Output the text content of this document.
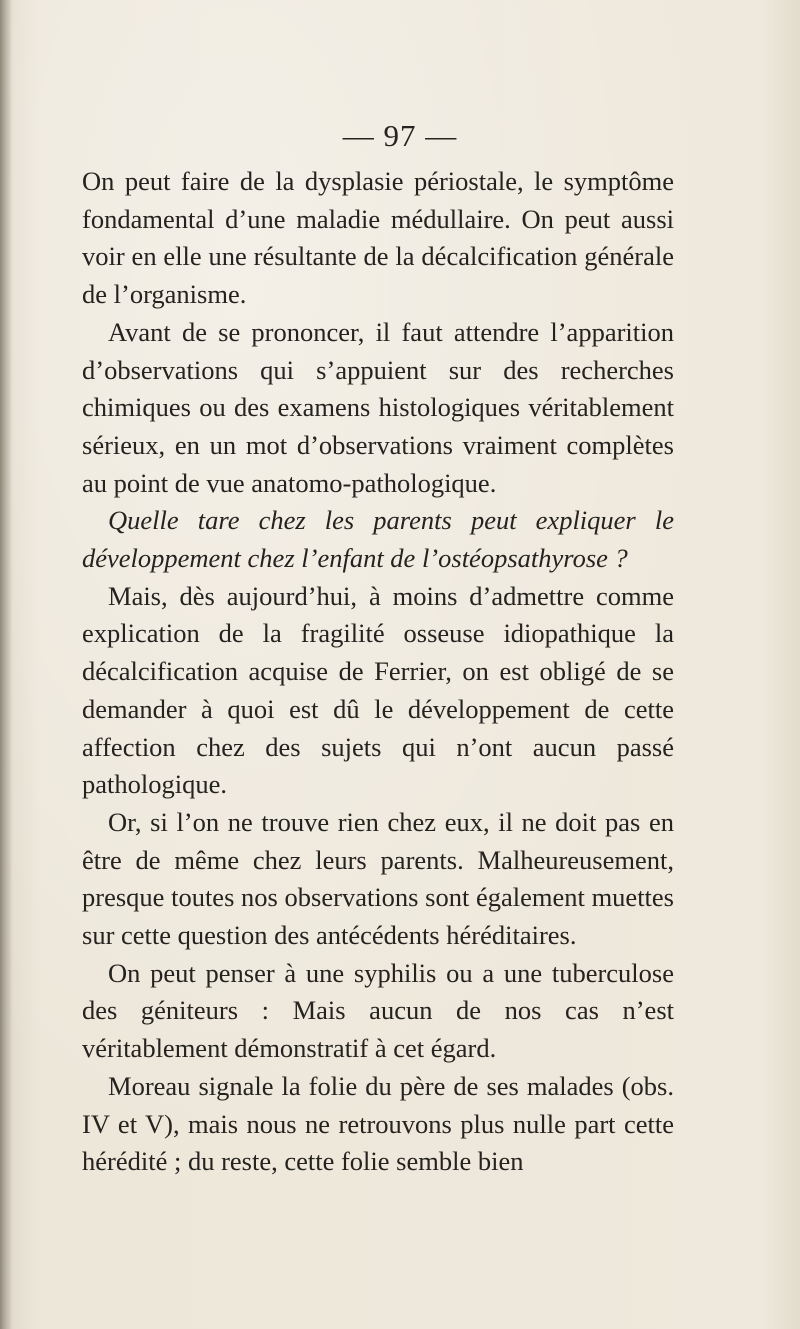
— 97 —

On peut faire de la dysplasie périostale, le symptôme fondamental d’une maladie médullaire. On peut aussi voir en elle une résultante de la décalcification générale de l’organisme.

Avant de se prononcer, il faut attendre l’apparition d’observations qui s’appuient sur des recherches chimiques ou des examens histologiques véritablement sérieux, en un mot d’observations vraiment complètes au point de vue anatomo-pathologique.

Quelle tare chez les parents peut expliquer le développement chez l’enfant de l’ostéopsathyrose ?

Mais, dès aujourd’hui, à moins d’admettre comme explication de la fragilité osseuse idiopathique la décalcification acquise de Ferrier, on est obligé de se demander à quoi est dû le développement de cette affection chez des sujets qui n’ont aucun passé pathologique.

Or, si l’on ne trouve rien chez eux, il ne doit pas en être de même chez leurs parents. Malheureusement, presque toutes nos observations sont également muettes sur cette question des antécédents héréditaires.

On peut penser à une syphilis ou a une tuberculose des géniteurs : Mais aucun de nos cas n’est véritablement démonstratif à cet égard.

Moreau signale la folie du père de ses malades (obs. IV et V), mais nous ne retrouvons plus nulle part cette hérédité ; du reste, cette folie semble bien
